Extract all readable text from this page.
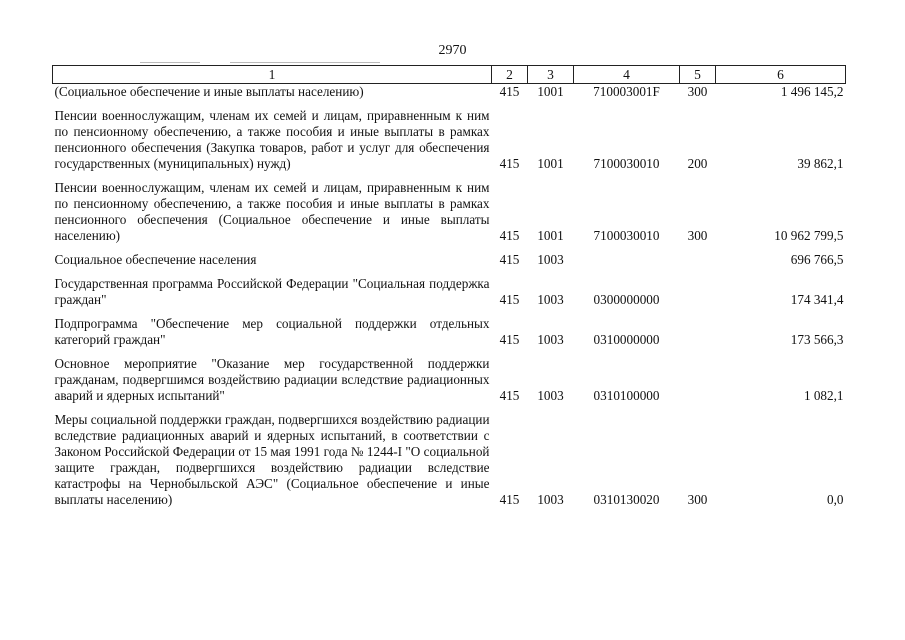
2970
1	2	3	4	5	6
(Социальное обеспечение и иные выплаты населению)	415	1001	710003001F	300	1 496 145,2
Пенсии военнослужащим, членам их семей и лицам, приравненным к ним по пенсионному обеспечению, а также пособия и иные выплаты в рамках пенсионного обеспечения (Закупка товаров, работ и услуг для обеспечения государственных (муниципальных) нужд)	415	1001	7100030010	200	39 862,1
Пенсии военнослужащим, членам их семей и лицам, приравненным к ним по пенсионному обеспечению, а также пособия и иные выплаты в рамках пенсионного обеспечения (Социальное обеспечение и иные выплаты населению)	415	1001	7100030010	300	10 962 799,5
Социальное обеспечение населения	415	1003			696 766,5
Государственная программа Российской Федерации "Социальная поддержка граждан"	415	1003	0300000000		174 341,4
Подпрограмма "Обеспечение мер социальной поддержки отдельных категорий граждан"	415	1003	0310000000		173 566,3
Основное мероприятие "Оказание мер государственной поддержки гражданам, подвергшимся воздействию радиации вследствие радиационных аварий и ядерных испытаний"	415	1003	0310100000		1 082,1
Меры социальной поддержки граждан, подвергшихся воздействию радиации вследствие радиационных аварий и ядерных испытаний, в соответствии с Законом Российской Федерации от 15 мая 1991 года № 1244-I "О социальной защите граждан, подвергшихся воздействию радиации вследствие катастрофы на Чернобыльской АЭС" (Социальное обеспечение и иные выплаты населению)	415	1003	0310130020	300	0,0
